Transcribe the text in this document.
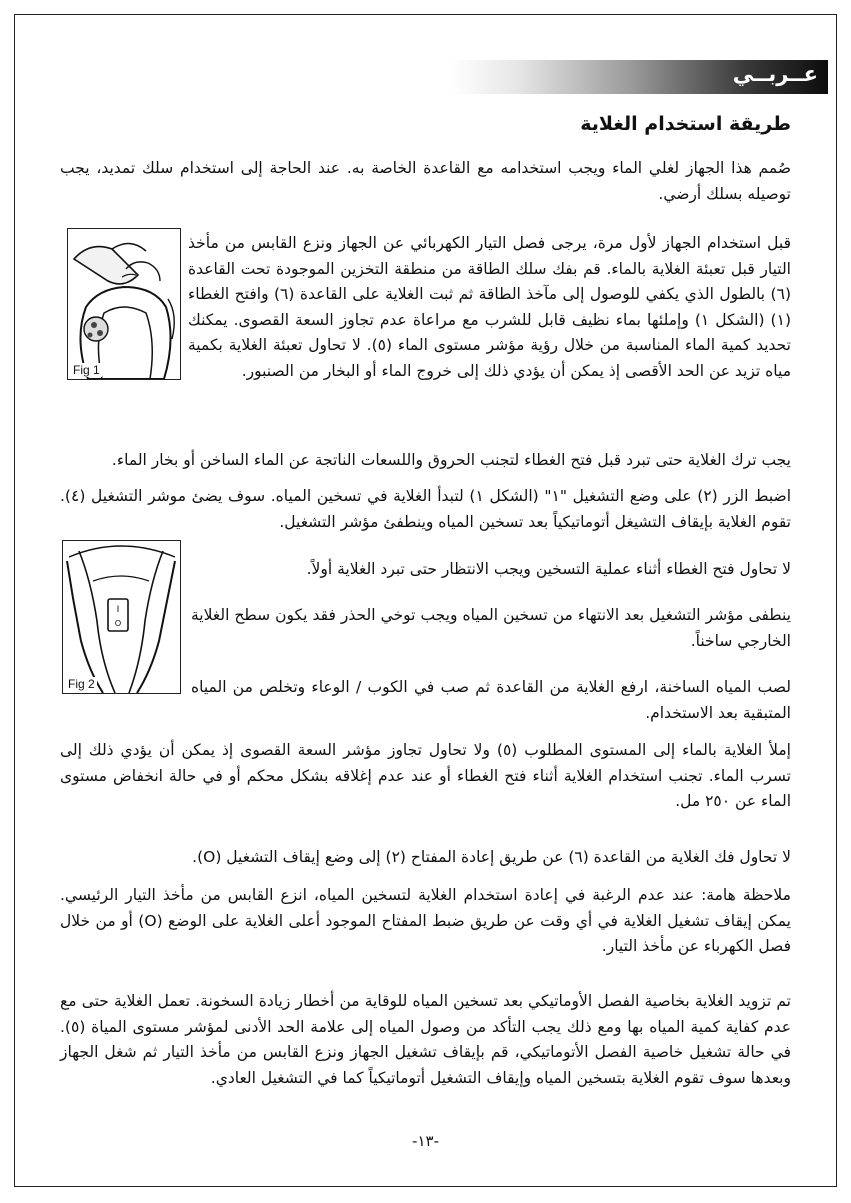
عــربــي
طريقة استخدام الغلاية

صُمم هذا الجهاز لغلي الماء ويجب استخدامه مع القاعدة الخاصة به. عند الحاجة إلى استخدام سلك تمديد، يجب توصيله بسلك أرضي.

Fig 1

قبل استخدام الجهاز لأول مرة، يرجى فصل التيار الكهربائي عن الجهاز ونزع القابس من مأخذ التيار قبل تعبئة الغلاية بالماء. قم بفك سلك الطاقة من منطقة التخزين الموجودة تحت القاعدة (٦) بالطول الذي يكفي للوصول إلى مآخذ الطاقة ثم ثبت الغلاية على القاعدة (٦) وافتح الغطاء (١) (الشكل ١) وإملئها بماء نظيف قابل للشرب مع مراعاة عدم تجاوز السعة القصوى. يمكنك تحديد كمية الماء المناسبة من خلال رؤية مؤشر مستوى الماء (٥). لا تحاول تعبئة الغلاية بكمية مياه تزيد عن الحد الأقصى إذ يمكن أن يؤدي ذلك إلى خروج الماء أو البخار من الصنبور.

يجب ترك الغلاية حتى تبرد قبل فتح الغطاء لتجنب الحروق واللسعات الناتجة عن الماء الساخن أو بخار الماء.

اضبط الزر (٢) على وضع التشغيل "١" (الشكل ١) لتبدأ الغلاية في تسخين المياه. سوف يضئ موشر التشغيل (٤). تقوم الغلاية بإيقاف التشيغل أتوماتيكياً بعد تسخين المياه وينطفئ مؤشر التشغيل.

I
O
Fig 2

لا تحاول فتح الغطاء أثناء عملية التسخين ويجب الانتظار حتى تبرد الغلاية أولاً.

ينطفى مؤشر التشغيل بعد الانتهاء من تسخين المياه ويجب توخي الحذر فقد يكون سطح الغلاية الخارجي ساخناً.

لصب المياه الساخنة، ارفع الغلاية من القاعدة ثم صب في الكوب / الوعاء وتخلص من المياه المتبقية بعد الاستخدام.

إملأ الغلاية بالماء إلى المستوى المطلوب (٥) ولا تحاول تجاوز مؤشر السعة القصوى إذ يمكن أن يؤدي ذلك إلى تسرب الماء. تجنب استخدام الغلاية أثناء فتح الغطاء أو عند عدم إغلاقه بشكل محكم أو في حالة انخفاض مستوى الماء عن ٢٥٠ مل.

لا تحاول فك الغلاية من القاعدة (٦) عن طريق إعادة المفتاح (٢) إلى وضع إيقاف التشغيل (O).

ملاحظة هامة: عند عدم الرغبة في إعادة استخدام الغلاية لتسخين المياه، انزع القابس من مأخذ التيار الرئيسي. يمكن إيقاف تشغيل الغلاية في أي وقت عن طريق ضبط المفتاح الموجود أعلى الغلاية على الوضع (O) أو من خلال فصل الكهرباء عن مأخذ التيار.

تم تزويد الغلاية بخاصية الفصل الأوماتيكي بعد تسخين المياه للوقاية من أخطار زيادة السخونة. تعمل الغلاية حتى مع عدم كفاية كمية المياه بها ومع ذلك يجب التأكد من وصول المياه إلى علامة الحد الأدنى لمؤشر مستوى المياة (٥). في حالة تشغيل خاصية الفصل الأتوماتيكي، قم بإيقاف تشغيل الجهاز ونزع القابس من مأخذ التيار ثم شغل الجهاز وبعدها سوف تقوم الغلاية بتسخين المياه وإيقاف التشغيل أتوماتيكياً كما في التشغيل العادي.

-١٣-
